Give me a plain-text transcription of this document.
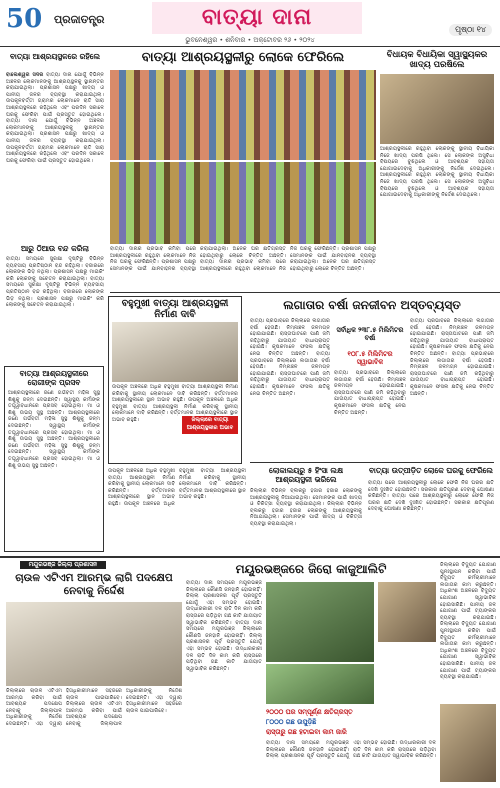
50 ପ୍ରଜାତନ୍ତ୍ର	ବାତ୍ୟା ଦାନା	ପୃଷ୍ଠା ୧୪
ଭୁବନେଶ୍ୱର • ଶନିବାର • ଅକ୍ଟୋବର ୨୬ • ୨୦୨୪
ବାତ୍ୟା ଆଶ୍ରୟସ୍ଥଳରେ ରହିଲେ
ବାଲେଶ୍ୱର ସଦର ବାତ୍ୟା ଦାନା ଯୋଗୁଁ ବିଭିନ୍ନ ଅଞ୍ଚଳର ଲୋକମାନଙ୍କୁ ଆଶ୍ରୟସ୍ଥଳକୁ ସ୍ଥାନାନ୍ତର କରାଯାଇଥିଲା। ପ୍ରଶାସନ ପକ୍ଷରୁ ଖାଦ୍ୟ ଓ ପାନୀୟ ଜଳର ବ୍ୟବସ୍ଥା କରାଯାଇଥିଲା। ଉପକୂଳବର୍ତ୍ତୀ ଗ୍ରାମର ଲୋକମାନେ ରାତି ସାରା ଆଶ୍ରୟସ୍ଥଳରେ ରହିଥିଲେ ଏବଂ ପରଦିନ ସକାଳେ ଘରକୁ ଫେରିବା ପାଇଁ ପ୍ରସ୍ତୁତ ହୋଇଥିଲେ। ବାତ୍ୟା ଦାନା ଯୋଗୁଁ ବିଭିନ୍ନ ଅଞ୍ଚଳର ଲୋକମାନଙ୍କୁ ଆଶ୍ରୟସ୍ଥଳକୁ ସ୍ଥାନାନ୍ତର କରାଯାଇଥିଲା। ପ୍ରଶାସନ ପକ୍ଷରୁ ଖାଦ୍ୟ ଓ ପାନୀୟ ଜଳର ବ୍ୟବସ୍ଥା କରାଯାଇଥିଲା। ଉପକୂଳବର୍ତ୍ତୀ ଗ୍ରାମର ଲୋକମାନେ ରାତି ସାରା ଆଶ୍ରୟସ୍ଥଳରେ ରହିଥିଲେ ଏବଂ ପରଦିନ ସକାଳେ ଘରକୁ ଫେରିବା ପାଇଁ ପ୍ରସ୍ତୁତ ହୋଇଥିଲେ।
ଆରୁ ଠିଆଉ ବନ୍ଦ କରିଲା
ବାତ୍ୟା ସମୟରେ ସୁରକ୍ଷା ଦୃଷ୍ଟିରୁ ବିଭିନ୍ନ ବ୍ୟବସାୟ ପ୍ରତିଷ୍ଠାନ ବନ୍ଦ ରହିଥିଲା। ବଜାରରେ ଲୋକଙ୍କ ଭିଡ଼ ନଥିଲା। ପ୍ରଶାସନ ପକ୍ଷରୁ ମାଇକିଂ କରି ଲୋକଙ୍କୁ ସଚେତନ କରାଯାଇଥିଲା। ବାତ୍ୟା ସମୟରେ ସୁରକ୍ଷା ଦୃଷ୍ଟିରୁ ବିଭିନ୍ନ ବ୍ୟବସାୟ ପ୍ରତିଷ୍ଠାନ ବନ୍ଦ ରହିଥିଲା। ବଜାରରେ ଲୋକଙ୍କ ଭିଡ଼ ନଥିଲା। ପ୍ରଶାସନ ପକ୍ଷରୁ ମାଇକିଂ କରି ଲୋକଙ୍କୁ ସଚେତନ କରାଯାଇଥିଲା।
ବାତ୍ୟା ଆଶ୍ରୟସ୍ଥଳୀରୁ ଲୋକେ ଫେରିଲେ
ବାତ୍ୟା ଦାନାର ପ୍ରଭାବ କମିବା ପରେ ଆଶ୍ରୟସ୍ଥଳୀରେ ରହୁଥିବା ଲୋକମାନେ ନିଜ ନିଜ ଘରକୁ ଫେରିଛନ୍ତି। ପ୍ରଶାସନ ପକ୍ଷରୁ ସେମାନଙ୍କ ପାଇଁ ଯାନବାହନର ବ୍ୟବସ୍ଥା କରାଯାଇଥିଲା। ଅନେକ ଘର କ୍ଷତିଗ୍ରସ୍ତ ହୋଇଥିବାରୁ ଲୋକେ ଚିନ୍ତିତ ଅଛନ୍ତି। ବାତ୍ୟା ଦାନାର ପ୍ରଭାବ କମିବା ପରେ ଆଶ୍ରୟସ୍ଥଳୀରେ ରହୁଥିବା ଲୋକମାନେ ନିଜ ନିଜ ଘରକୁ ଫେରିଛନ୍ତି। ପ୍ରଶାସନ ପକ୍ଷରୁ ସେମାନଙ୍କ ପାଇଁ ଯାନବାହନର ବ୍ୟବସ୍ଥା କରାଯାଇଥିଲା। ଅନେକ ଘର କ୍ଷତିଗ୍ରସ୍ତ ହୋଇଥିବାରୁ ଲୋକେ ଚିନ୍ତିତ ଅଛନ୍ତି।
ବିଧାୟକ ବିଧାୟିକା ସ୍ୱାସ୍ଥ୍ୟକର ଖାଦ୍ୟ ପରଷିଲେ
ଆଶ୍ରୟସ୍ଥଳୀରେ ରହୁଥିବା ଲୋକଙ୍କୁ ସ୍ଥାନୀୟ ବିଧାୟିକା ନିଜେ ଖାଦ୍ୟ ପରଷି ଥିଲେ। ସେ ଲୋକଙ୍କ ଅସୁବିଧା ବିଷୟରେ ବୁଝିଥିଲେ ଓ ଆବଶ୍ୟକ ସହାୟତା ଯୋଗାଇଦେବାକୁ ଅଧିକାରୀଙ୍କୁ ନିର୍ଦ୍ଦେଶ ଦେଇଥିଲେ। ଆଶ୍ରୟସ୍ଥଳୀରେ ରହୁଥିବା ଲୋକଙ୍କୁ ସ୍ଥାନୀୟ ବିଧାୟିକା ନିଜେ ଖାଦ୍ୟ ପରଷି ଥିଲେ। ସେ ଲୋକଙ୍କ ଅସୁବିଧା ବିଷୟରେ ବୁଝିଥିଲେ ଓ ଆବଶ୍ୟକ ସହାୟତା ଯୋଗାଇଦେବାକୁ ଅଧିକାରୀଙ୍କୁ ନିର୍ଦ୍ଦେଶ ଦେଇଥିଲେ।
ବହୁମୁଖୀ ବାତ୍ୟା ଆଶ୍ରୟସ୍ଥଳୀ ନିର୍ମାଣ ଦାବି
ଉପକୂଳ ଅଞ୍ଚଳରେ ଅଧିକ ବହୁମୁଖୀ ବାତ୍ୟା ଆଶ୍ରୟସ୍ଥଳୀ ନିର୍ମାଣ କରିବାକୁ ସ୍ଥାନୀୟ ଲୋକମାନେ ଦାବି କରିଛନ୍ତି। ବର୍ତ୍ତମାନର ଆଶ୍ରୟସ୍ଥଳୀରେ ସ୍ଥାନ ଅଭାବ ରହୁଛି। ଉପକୂଳ ଅଞ୍ଚଳରେ ଅଧିକ ବହୁମୁଖୀ ବାତ୍ୟା ଆଶ୍ରୟସ୍ଥଳୀ ନିର୍ମାଣ କରିବାକୁ ସ୍ଥାନୀୟ ଲୋକମାନେ ଦାବି କରିଛନ୍ତି। ବର୍ତ୍ତମାନର ଆଶ୍ରୟସ୍ଥଳୀରେ ସ୍ଥାନ ଅଭାବ ରହୁଛି।	ଜିଲ୍ଲାରେ ବାତ୍ୟା ଆଶ୍ରୟସ୍ଥଳୀର ଅଭାବ
ଲଗାତାର ବର୍ଷା ଜନଜୀବନ ଅସ୍ତବ୍ୟସ୍ତ
ବାତ୍ୟା ପ୍ରଭାବରେ ଜିଲ୍ଲାରେ ଲଗାତାର ବର୍ଷା ହେଉଛି। ନିମ୍ନାଞ୍ଚଳ ଜଳମଗ୍ନ ହୋଇଯାଇଛି। ରାସ୍ତାଘାଟରେ ପାଣି ଜମି ରହିଥିବାରୁ ଯାତାୟାତ ବାଧାପ୍ରାପ୍ତ ହୋଇଛି। କୃଷକମାନେ ଫସଲ କ୍ଷତିକୁ ନେଇ ଚିନ୍ତିତ ଅଛନ୍ତି। ବାତ୍ୟା ପ୍ରଭାବରେ ଜିଲ୍ଲାରେ ଲଗାତାର ବର୍ଷା ହେଉଛି। ନିମ୍ନାଞ୍ଚଳ ଜଳମଗ୍ନ ହୋଇଯାଇଛି। ରାସ୍ତାଘାଟରେ ପାଣି ଜମି ରହିଥିବାରୁ ଯାତାୟାତ ବାଧାପ୍ରାପ୍ତ ହୋଇଛି। କୃଷକମାନେ ଫସଲ କ୍ଷତିକୁ ନେଇ ଚିନ୍ତିତ ଅଛନ୍ତି।
ସର୍ବାଧିକ ୨୩୮.୫ ମିଲିମିଟର ବର୍ଷା
୧୦୮.୫ ମିଲିମିଟର ସ୍ୱାଭାବିକ
ବାତ୍ୟା ପ୍ରଭାବରେ ଜିଲ୍ଲାରେ ଲଗାତାର ବର୍ଷା ହେଉଛି। ନିମ୍ନାଞ୍ଚଳ ଜଳମଗ୍ନ ହୋଇଯାଇଛି। ରାସ୍ତାଘାଟରେ ପାଣି ଜମି ରହିଥିବାରୁ ଯାତାୟାତ ବାଧାପ୍ରାପ୍ତ ହୋଇଛି। କୃଷକମାନେ ଫସଲ କ୍ଷତିକୁ ନେଇ ଚିନ୍ତିତ ଅଛନ୍ତି।
ବାତ୍ୟା ପ୍ରଭାବରେ ଜିଲ୍ଲାରେ ଲଗାତାର ବର୍ଷା ହେଉଛି। ନିମ୍ନାଞ୍ଚଳ ଜଳମଗ୍ନ ହୋଇଯାଇଛି। ରାସ୍ତାଘାଟରେ ପାଣି ଜମି ରହିଥିବାରୁ ଯାତାୟାତ ବାଧାପ୍ରାପ୍ତ ହୋଇଛି। କୃଷକମାନେ ଫସଲ କ୍ଷତିକୁ ନେଇ ଚିନ୍ତିତ ଅଛନ୍ତି। ବାତ୍ୟା ପ୍ରଭାବରେ ଜିଲ୍ଲାରେ ଲଗାତାର ବର୍ଷା ହେଉଛି। ନିମ୍ନାଞ୍ଚଳ ଜଳମଗ୍ନ ହୋଇଯାଇଛି। ରାସ୍ତାଘାଟରେ ପାଣି ଜମି ରହିଥିବାରୁ ଯାତାୟାତ ବାଧାପ୍ରାପ୍ତ ହୋଇଛି। କୃଷକମାନେ ଫସଲ କ୍ଷତିକୁ ନେଇ ଚିନ୍ତିତ ଅଛନ୍ତି।
ବାତ୍ୟା ଆଶ୍ରୟସ୍ଥଳୀରେ ରୋଗୀଙ୍କ ପ୍ରସବ
ଆଶ୍ରୟସ୍ଥଳୀରେ ଜଣେ ଗର୍ଭବତୀ ମହିଳା ସୁସ୍ଥ ଶିଶୁକୁ ଜନ୍ମ ଦେଇଛନ୍ତି। ସ୍ୱାସ୍ଥ୍ୟ କର୍ମୀଙ୍କ ତତ୍ତ୍ୱାବଧାନରେ ପ୍ରସବ ହୋଇଥିଲା। ମା ଓ ଶିଶୁ ଉଭୟ ସୁସ୍ଥ ଅଛନ୍ତି। ଆଶ୍ରୟସ୍ଥଳୀରେ ଜଣେ ଗର୍ଭବତୀ ମହିଳା ସୁସ୍ଥ ଶିଶୁକୁ ଜନ୍ମ ଦେଇଛନ୍ତି। ସ୍ୱାସ୍ଥ୍ୟ କର୍ମୀଙ୍କ ତତ୍ତ୍ୱାବଧାନରେ ପ୍ରସବ ହୋଇଥିଲା। ମା ଓ ଶିଶୁ ଉଭୟ ସୁସ୍ଥ ଅଛନ୍ତି। ଆଶ୍ରୟସ୍ଥଳୀରେ ଜଣେ ଗର୍ଭବତୀ ମହିଳା ସୁସ୍ଥ ଶିଶୁକୁ ଜନ୍ମ ଦେଇଛନ୍ତି। ସ୍ୱାସ୍ଥ୍ୟ କର୍ମୀଙ୍କ ତତ୍ତ୍ୱାବଧାନରେ ପ୍ରସବ ହୋଇଥିଲା। ମା ଓ ଶିଶୁ ଉଭୟ ସୁସ୍ଥ ଅଛନ୍ତି।
ଲୋକାଲୟରୁ ୫ ହିଂସା ଲକ୍ଷ ଆଶ୍ରୟସ୍ଥଳୀ ଭରିଲେ
ଜିଲ୍ଲାର ବିଭିନ୍ନ ବ୍ଲକରୁ ହଜାର ହଜାର ଲୋକଙ୍କୁ ଆଶ୍ରୟସ୍ଥଳୀକୁ ନିଆଯାଇଥିଲା। ସେମାନଙ୍କ ପାଇଁ ଖାଦ୍ୟ ଓ ଚିକିତ୍ସା ବ୍ୟବସ୍ଥା କରାଯାଇଥିଲା। ଜିଲ୍ଲାର ବିଭିନ୍ନ ବ୍ଲକରୁ ହଜାର ହଜାର ଲୋକଙ୍କୁ ଆଶ୍ରୟସ୍ଥଳୀକୁ ନିଆଯାଇଥିଲା। ସେମାନଙ୍କ ପାଇଁ ଖାଦ୍ୟ ଓ ଚିକିତ୍ସା ବ୍ୟବସ୍ଥା କରାଯାଇଥିଲା।
ବାତ୍ୟା ଉତ୍ପୀଡ଼ିତ ଲୋକେ ଘରକୁ ଫେରିଲେ
ବାତ୍ୟା ପରେ ଆଶ୍ରୟସ୍ଥଳୀରୁ ଲୋକେ ଫେରି ନିଜ ଘରର କ୍ଷତି ଦେଖି ଦୁଃଖିତ ହୋଇଛନ୍ତି। ସରକାର କ୍ଷତିପୂରଣ ଦେବାକୁ ଘୋଷଣା କରିଛନ୍ତି। ବାତ୍ୟା ପରେ ଆଶ୍ରୟସ୍ଥଳୀରୁ ଲୋକେ ଫେରି ନିଜ ଘରର କ୍ଷତି ଦେଖି ଦୁଃଖିତ ହୋଇଛନ୍ତି। ସରକାର କ୍ଷତିପୂରଣ ଦେବାକୁ ଘୋଷଣା କରିଛନ୍ତି।
ଉପକୂଳ ଅଞ୍ଚଳରେ ଅଧିକ ବହୁମୁଖୀ ବାତ୍ୟା ଆଶ୍ରୟସ୍ଥଳୀ ନିର୍ମାଣ କରିବାକୁ ସ୍ଥାନୀୟ ଲୋକମାନେ ଦାବି କରିଛନ୍ତି। ବର୍ତ୍ତମାନର ଆଶ୍ରୟସ୍ଥଳୀରେ ସ୍ଥାନ ଅଭାବ ରହୁଛି। ଉପକୂଳ ଅଞ୍ଚଳରେ ଅଧିକ ବହୁମୁଖୀ ବାତ୍ୟା ଆଶ୍ରୟସ୍ଥଳୀ ନିର୍ମାଣ କରିବାକୁ ସ୍ଥାନୀୟ ଲୋକମାନେ ଦାବି କରିଛନ୍ତି। ବର୍ତ୍ତମାନର ଆଶ୍ରୟସ୍ଥଳୀରେ ସ୍ଥାନ ଅଭାବ ରହୁଛି।
ମୟୂରଭଞ୍ଜ ଜିଲ୍ଲା ପ୍ରଶାସନ
ଚାଉଳ ଏଟିଏମ ଆରମ୍ଭ ଲାଗି ପଦକ୍ଷେପ ନେବାକୁ ନିର୍ଦ୍ଦେଶ
ଜିଲ୍ଲାରେ ଚାଉଳ ଏଟିଏମ ଆରମ୍ଭ କରିବା ପାଇଁ ଆବଶ୍ୟକ ପଦକ୍ଷେପ ନେବାକୁ ଜିଲ୍ଲାପାଳ ଅଧିକାରୀଙ୍କୁ ନିର୍ଦ୍ଦେଶ ଦେଇଛନ୍ତି। ଏହା ଦ୍ୱାରା ହିତାଧିକାରୀମାନେ ସହଜରେ ଚାଉଳ ପାଇପାରିବେ। ଜିଲ୍ଲାରେ ଚାଉଳ ଏଟିଏମ ଆରମ୍ଭ କରିବା ପାଇଁ ଆବଶ୍ୟକ ପଦକ୍ଷେପ ନେବାକୁ ଜିଲ୍ଲାପାଳ ଅଧିକାରୀଙ୍କୁ ନିର୍ଦ୍ଦେଶ ଦେଇଛନ୍ତି। ଏହା ଦ୍ୱାରା ହିତାଧିକାରୀମାନେ ସହଜରେ ଚାଉଳ ପାଇପାରିବେ।
ମୟୂରଭଞ୍ଜରେ ଜିରୋ କାଜୁଆଲିଟି
ବାତ୍ୟା ଦାନା ସମୟରେ ମୟୂରଭଞ୍ଜ ଜିଲ୍ଲାରେ କୌଣସି ଜନହାନି ହୋଇନାହିଁ। ଜିଲ୍ଲା ପ୍ରଶାସନର ପୂର୍ବ ପ୍ରସ୍ତୁତି ଯୋଗୁଁ ଏହା ସମ୍ଭବ ହୋଇଛି। ଉଦ୍ଧାରକାରୀ ଦଳ ରାତି ଦିନ କାମ କରି ରାସ୍ତାରେ ପଡ଼ିଥିବା ଗଛ କାଟି ଯାତାୟାତ ସ୍ୱାଭାବିକ କରିଛନ୍ତି। ବାତ୍ୟା ଦାନା ସମୟରେ ମୟୂରଭଞ୍ଜ ଜିଲ୍ଲାରେ କୌଣସି ଜନହାନି ହୋଇନାହିଁ। ଜିଲ୍ଲା ପ୍ରଶାସନର ପୂର୍ବ ପ୍ରସ୍ତୁତି ଯୋଗୁଁ ଏହା ସମ୍ଭବ ହୋଇଛି। ଉଦ୍ଧାରକାରୀ ଦଳ ରାତି ଦିନ କାମ କରି ରାସ୍ତାରେ ପଡ଼ିଥିବା ଗଛ କାଟି ଯାତାୟାତ ସ୍ୱାଭାବିକ କରିଛନ୍ତି।
୨୦୦୦ ଘର ସମ୍ପୂର୍ଣ୍ଣ କ୍ଷତିଗ୍ରସ୍ତ
୮୦୦୦ ଗଛ ଉପୁଡ଼ିଛି
ରାସ୍ତାରୁ ଗଛ ହଟାଇବା କାମ ଜାରି
ବାତ୍ୟା ଦାନା ସମୟରେ ମୟୂରଭଞ୍ଜ ଜିଲ୍ଲାରେ କୌଣସି ଜନହାନି ହୋଇନାହିଁ। ଜିଲ୍ଲା ପ୍ରଶାସନର ପୂର୍ବ ପ୍ରସ୍ତୁତି ଯୋଗୁଁ ଏହା ସମ୍ଭବ ହୋଇଛି। ଉଦ୍ଧାରକାରୀ ଦଳ ରାତି ଦିନ କାମ କରି ରାସ୍ତାରେ ପଡ଼ିଥିବା ଗଛ କାଟି ଯାତାୟାତ ସ୍ୱାଭାବିକ କରିଛନ୍ତି।
ଜିଲ୍ଲାରେ ବିଦ୍ୟୁତ ଯୋଗାଣ ପୁନଃସ୍ଥାପନ କରିବା ପାଇଁ ବିଦ୍ୟୁତ କର୍ମଚାରୀମାନେ ଲଗାତାର କାମ କରୁଛନ୍ତି। ଅଧିକାଂଶ ଅଞ୍ଚଳରେ ବିଦ୍ୟୁତ ଯୋଗାଣ ସ୍ୱାଭାବିକ ହୋଇସାରିଛି। ପାନୀୟ ଜଳ ଯୋଗାଣ ପାଇଁ ଟ୍ୟାଙ୍କର ବ୍ୟବସ୍ଥା କରାଯାଇଛି। ଜିଲ୍ଲାରେ ବିଦ୍ୟୁତ ଯୋଗାଣ ପୁନଃସ୍ଥାପନ କରିବା ପାଇଁ ବିଦ୍ୟୁତ କର୍ମଚାରୀମାନେ ଲଗାତାର କାମ କରୁଛନ୍ତି। ଅଧିକାଂଶ ଅଞ୍ଚଳରେ ବିଦ୍ୟୁତ ଯୋଗାଣ ସ୍ୱାଭାବିକ ହୋଇସାରିଛି। ପାନୀୟ ଜଳ ଯୋଗାଣ ପାଇଁ ଟ୍ୟାଙ୍କର ବ୍ୟବସ୍ଥା କରାଯାଇଛି।
